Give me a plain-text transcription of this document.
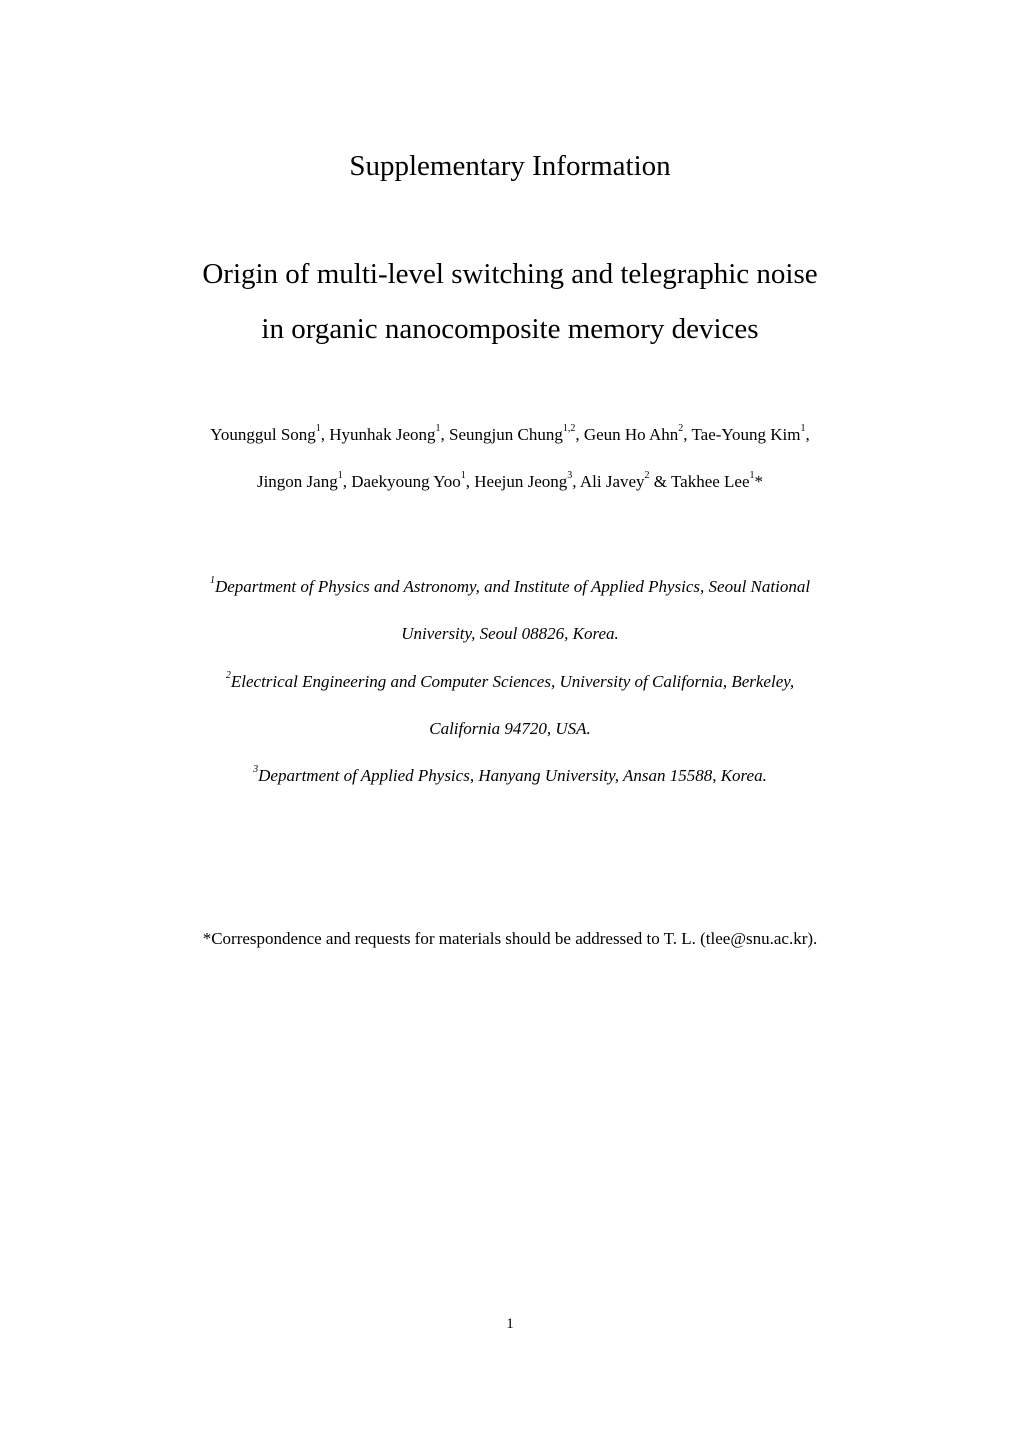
Supplementary Information
Origin of multi-level switching and telegraphic noise
in organic nanocomposite memory devices
Younggul Song$^1$, Hyunhak Jeong$^1$, Seungjun Chung$^{1,2}$, Geun Ho Ahn$^2$, Tae-Young Kim$^1$,
Jingon Jang$^1$, Daekyoung Yoo$^1$, Heejun Jeong$^3$, Ali Javey$^2$ & Takhee Lee$^1$*
$^1$Department of Physics and Astronomy, and Institute of Applied Physics, Seoul National
University, Seoul 08826, Korea.
$^2$Electrical Engineering and Computer Sciences, University of California, Berkeley,
California 94720, USA.
$^3$Department of Applied Physics, Hanyang University, Ansan 15588, Korea.
*Correspondence and requests for materials should be addressed to T. L. (tlee@snu.ac.kr).
1
